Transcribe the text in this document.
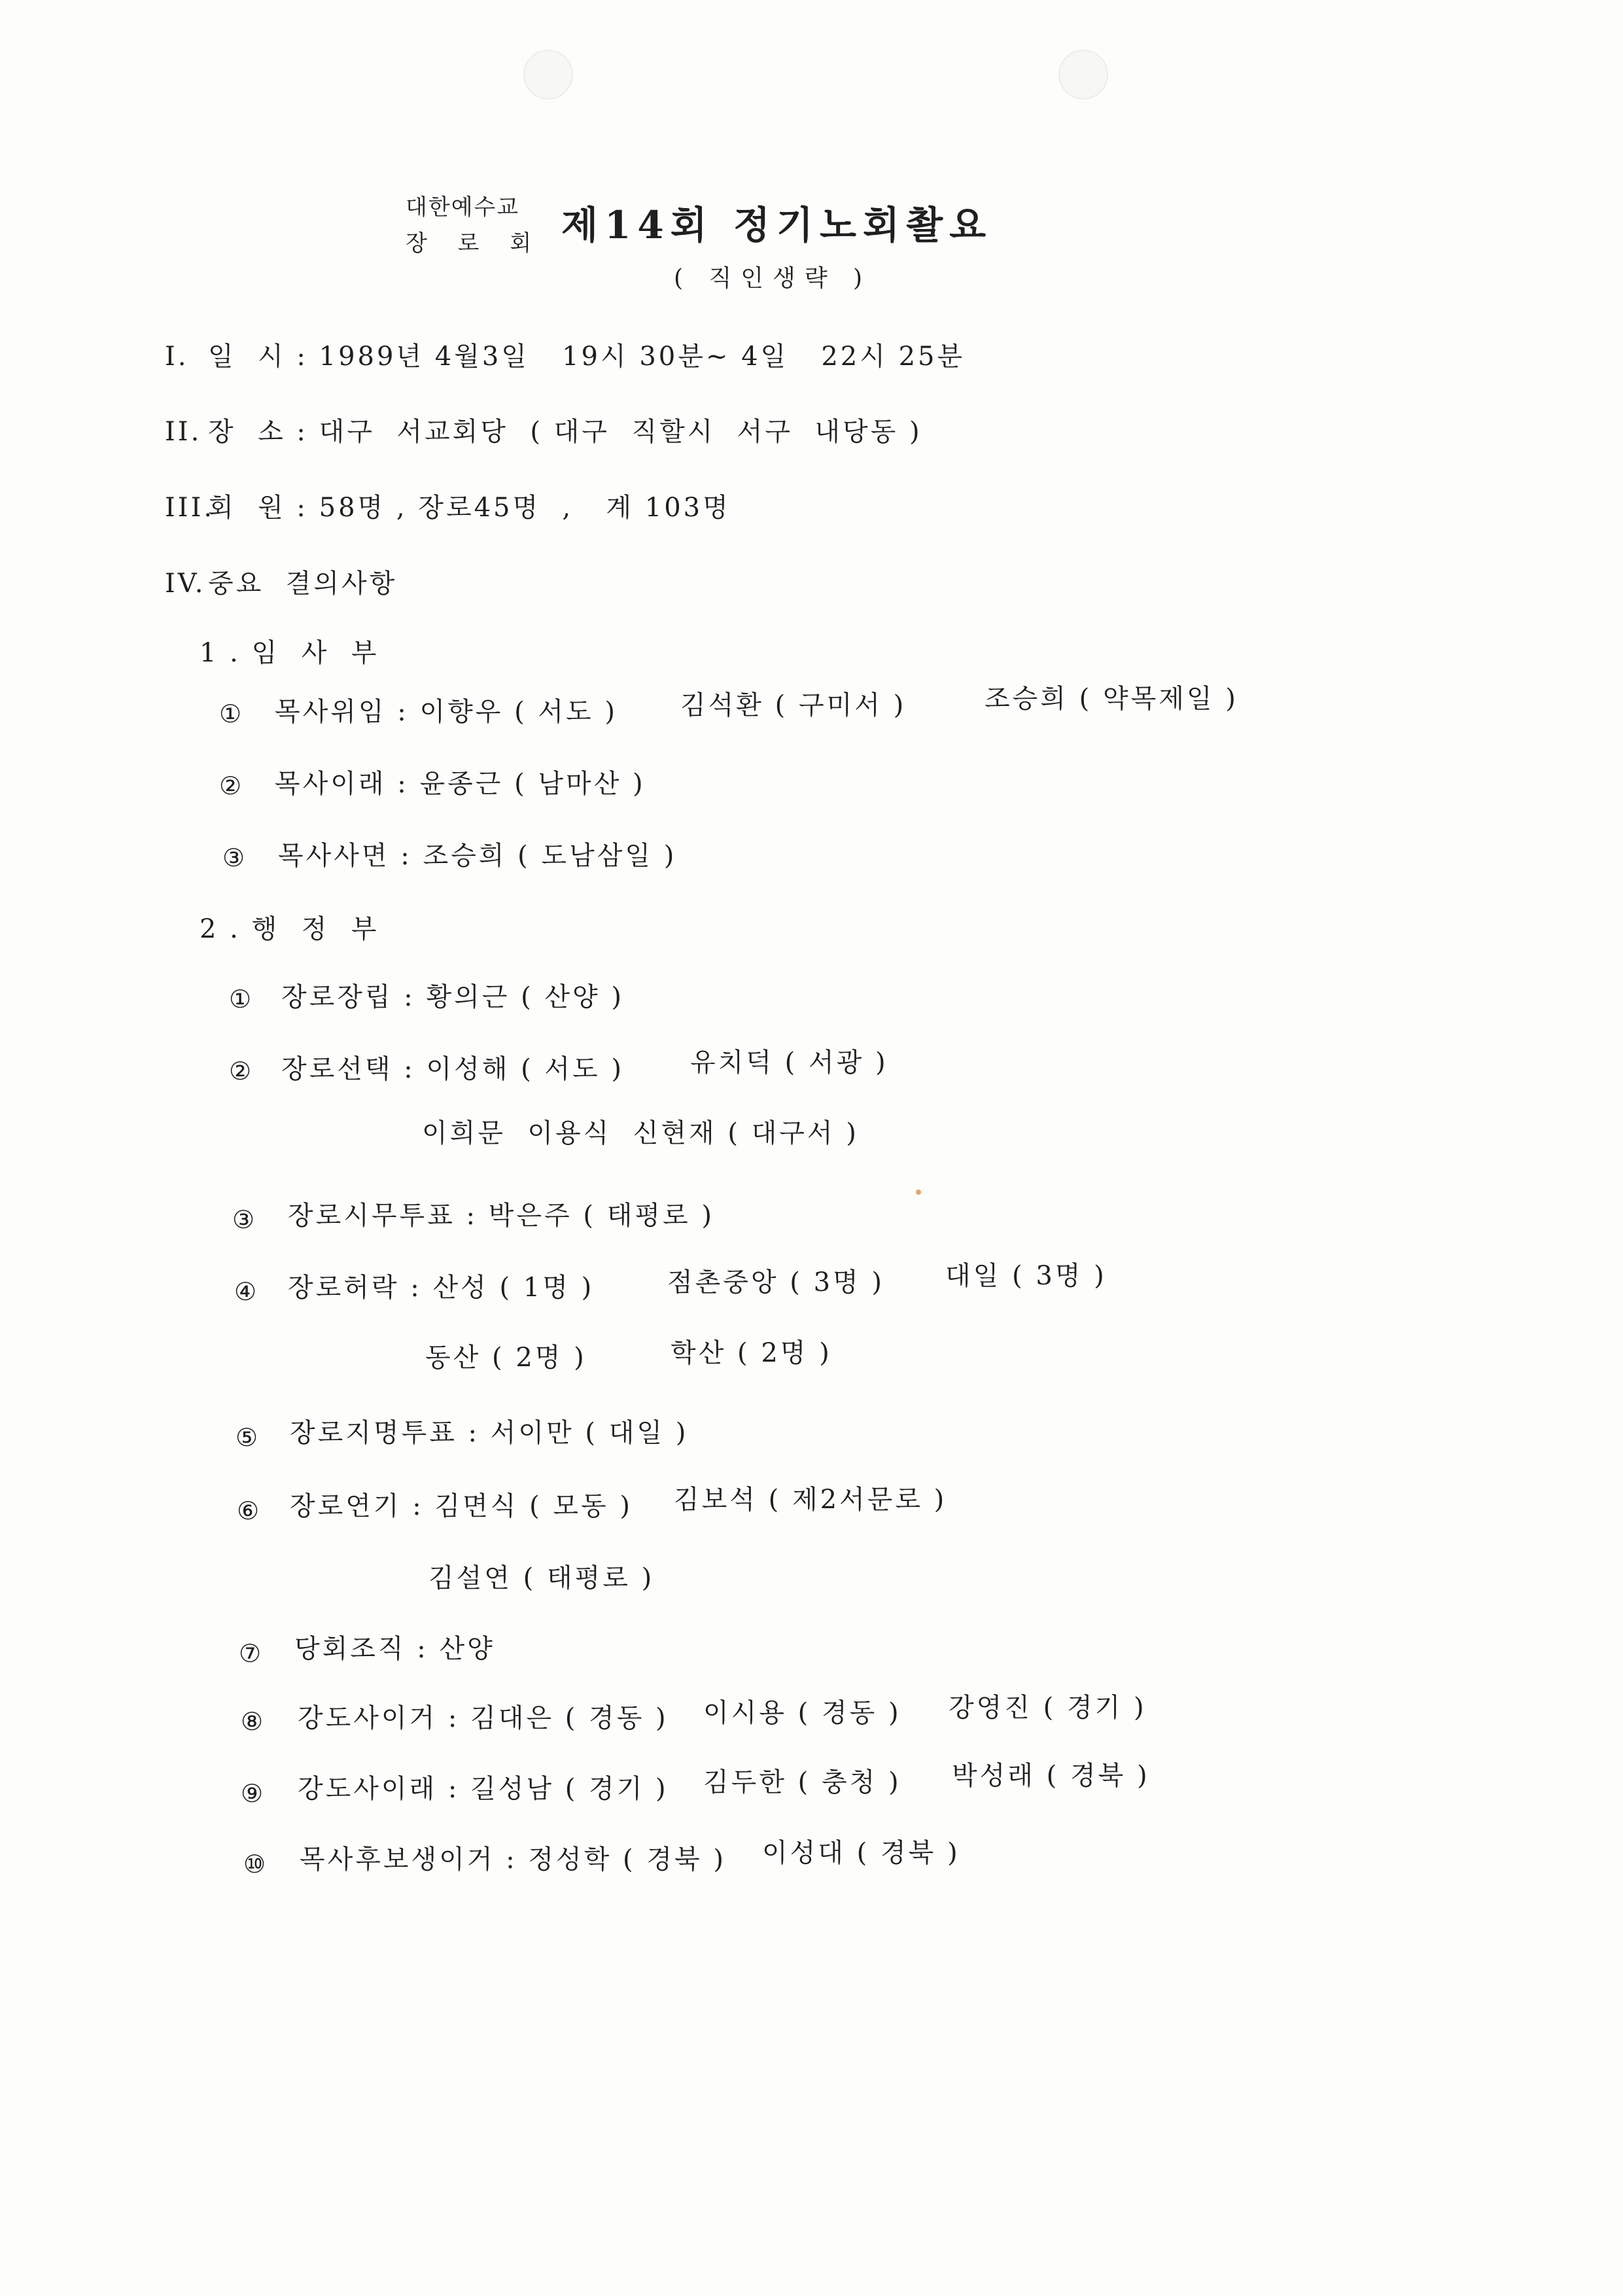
대한예수교
장 로 회 제14회 정기노회촬요
( 직인생략 )
I. 일  시 : 1989년 4월3일   19시 30분~ 4일   22시 25분
II. 장  소 : 대구  서교회당  ( 대구  직할시  서구  내당동 )
III.
회  원 : 58명 , 장로45명  ,   계 103명
IV. 중요  결의사항
1 . 임  사  부
① 목사위임 : 이향우 ( 서도 ) 김석환 ( 구미서 )	조승희 ( 약목제일 )
② 목사이래 : 윤종근 ( 남마산 )
③ 목사사면 : 조승희 ( 도남삼일 )
2 . 행  정  부
① 장로장립 : 황의근 ( 산양 )
② 장로선택 : 이성해 ( 서도 )	유치덕 ( 서광 )
이희문  이용식  신현재 ( 대구서 )
③ 장로시무투표 : 박은주 ( 태평로 )
④ 장로허락 : 산성 ( 1명 )	점촌중앙 ( 3명 ) 대일 ( 3명 )
동산 ( 2명 )	학산 ( 2명 )
⑤ 장로지명투표 : 서이만 ( 대일 )
⑥ 장로연기 : 김면식 ( 모동 ) 김보석 ( 제2서문로 )
김설연 ( 태평로 )
⑦ 당회조직 : 산양
⑧ 강도사이거 : 김대은 ( 경동 ) 이시용 ( 경동 ) 강영진 ( 경기 )
⑨ 강도사이래 : 길성남 ( 경기 ) 김두한 ( 충청 ) 박성래 ( 경북 )
⑩ 목사후보생이거 : 정성학 ( 경북 ) 이성대 ( 경북 )
